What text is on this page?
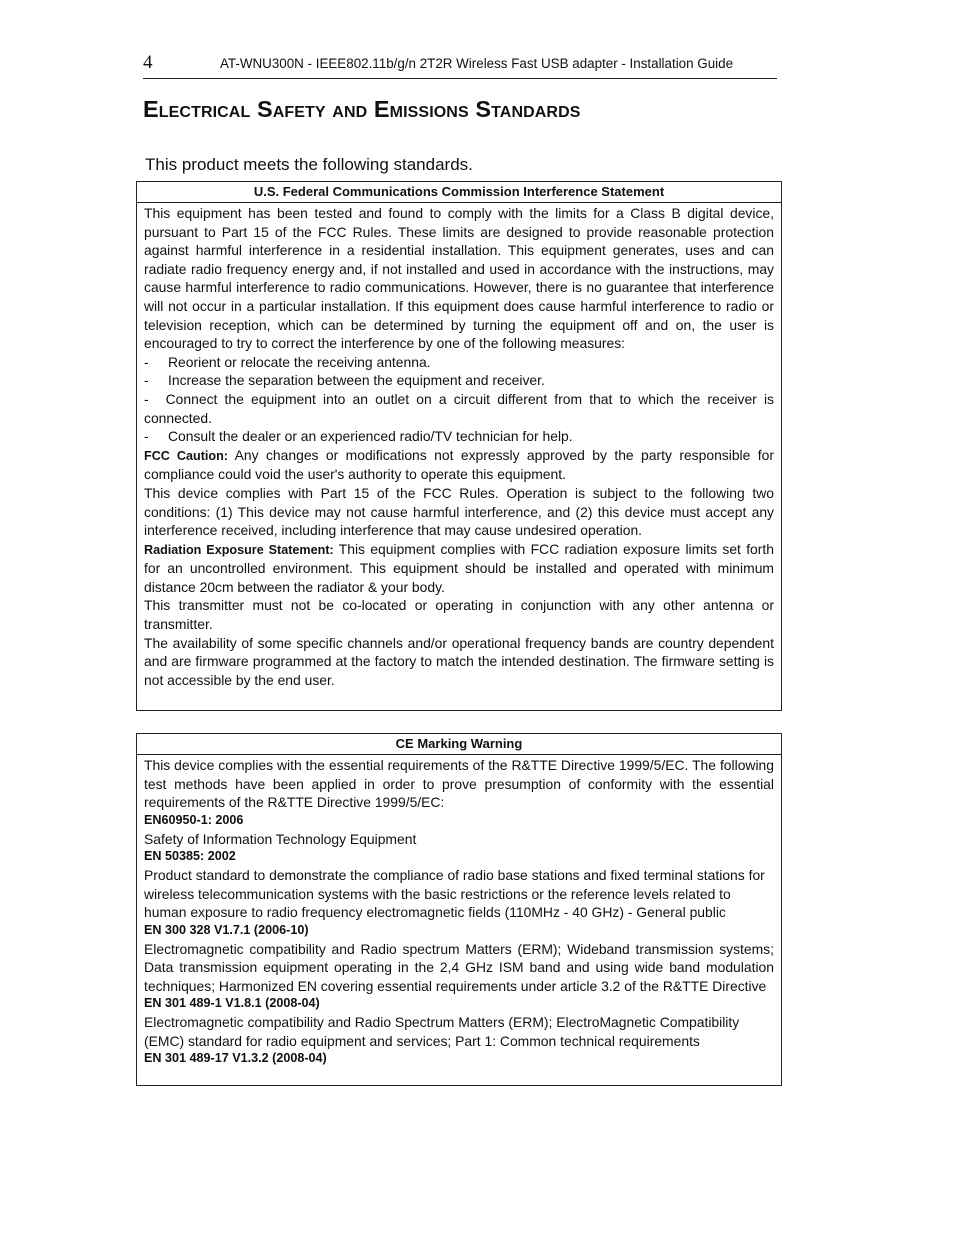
4	AT-WNU300N - IEEE802.11b/g/n 2T2R Wireless Fast USB adapter - Installation Guide
Electrical Safety and Emissions Standards
This product meets the following standards.
U.S. Federal Communications Commission Interference Statement

This equipment has been tested and found to comply with the limits for a Class B digital device, pursuant to Part 15 of the FCC Rules. These limits are designed to provide reasonable protection against harmful interference in a residential installation. This equipment generates, uses and can radiate radio frequency energy and, if not installed and used in accordance with the instructions, may cause harmful interference to radio communications. However, there is no guarantee that interference will not occur in a particular installation. If this equipment does cause harmful interference to radio or television reception, which can be determined by turning the equipment off and on, the user is encouraged to try to correct the interference by one of the following measures:

- Reorient or relocate the receiving antenna.
- Increase the separation between the equipment and receiver.
- Connect the equipment into an outlet on a circuit different from that to which the receiver is connected.
- Consult the dealer or an experienced radio/TV technician for help.

FCC Caution: Any changes or modifications not expressly approved by the party responsible for compliance could void the user's authority to operate this equipment.

This device complies with Part 15 of the FCC Rules. Operation is subject to the following two conditions: (1) This device may not cause harmful interference, and (2) this device must accept any interference received, including interference that may cause undesired operation.

Radiation Exposure Statement: This equipment complies with FCC radiation exposure limits set forth for an uncontrolled environment. This equipment should be installed and operated with minimum distance 20cm between the radiator & your body.

This transmitter must not be co-located or operating in conjunction with any other antenna or transmitter.

The availability of some specific channels and/or operational frequency bands are country dependent and are firmware programmed at the factory to match the intended destination. The firmware setting is not accessible by the end user.

CE Marking Warning

This device complies with the essential requirements of the R&TTE Directive 1999/5/EC. The following test methods have been applied in order to prove presumption of conformity with the essential requirements of the R&TTE Directive 1999/5/EC:

EN60950-1: 2006

Safety of Information Technology Equipment

EN 50385: 2002

Product standard to demonstrate the compliance of radio base stations and fixed terminal stations for wireless telecommunication systems with the basic restrictions or the reference levels related to human exposure to radio frequency electromagnetic fields (110MHz - 40 GHz) - General public

EN 300 328 V1.7.1 (2006-10)

Electromagnetic compatibility and Radio spectrum Matters (ERM); Wideband transmission systems; Data transmission equipment operating in the 2,4 GHz ISM band and using wide band modulation techniques; Harmonized EN covering essential requirements under article 3.2 of the R&TTE Directive

EN 301 489-1 V1.8.1 (2008-04)

Electromagnetic compatibility and Radio Spectrum Matters (ERM); ElectroMagnetic Compatibility (EMC) standard for radio equipment and services; Part 1: Common technical requirements

EN 301 489-17 V1.3.2 (2008-04)
